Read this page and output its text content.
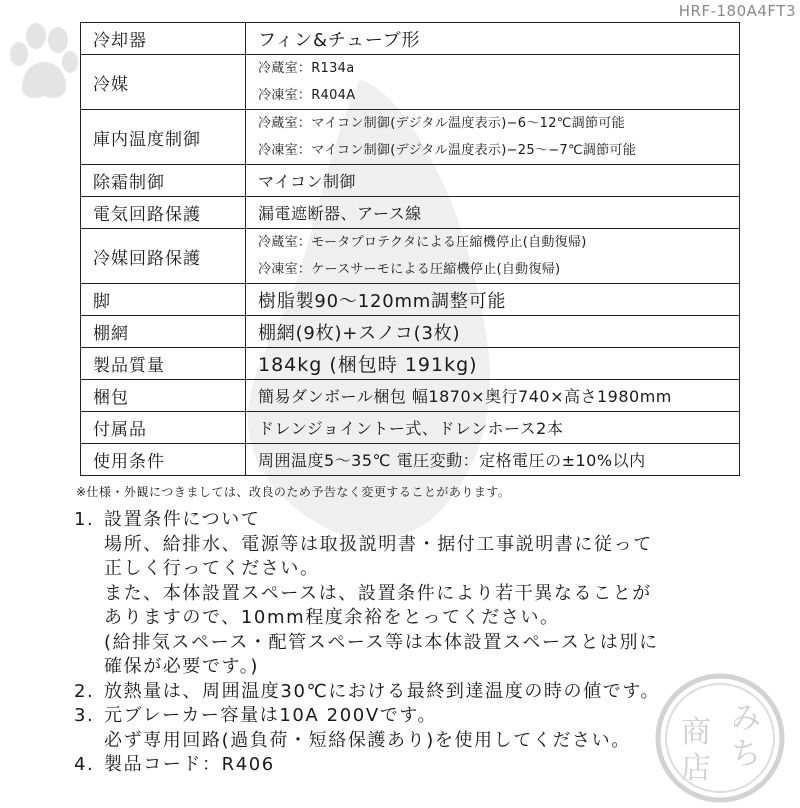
HRF-180A4FT3
冷却器	フィン&チューブ形
冷媒	冷蔵室：R134a
冷凍室：R404A

庫内温度制御	冷蔵室：マイコン制御(デジタル温度表示)−6〜12℃調節可能
冷凍室：マイコン制御(デジタル温度表示)−25〜−7℃調節可能

除霜制御	マイコン制御
電気回路保護	漏電遮断器、アース線
冷媒回路保護	冷蔵室：モータプロテクタによる圧縮機停止(自動復帰)
冷凍室：ケースサーモによる圧縮機停止(自動復帰)

脚	樹脂製90〜120mm調整可能
棚網	棚網(9枚)+スノコ(3枚)
製品質量	184kg (梱包時 191kg)
梱包	簡易ダンボール梱包 幅1870×奥行740×高さ1980mm
付属品	ドレンジョイントー式、ドレンホース2本
使用条件	周囲温度5〜35℃ 電圧変動：定格電圧の±10%以内
※仕様・外観につきましては、改良のため予告なく変更することがあります。
1. 設置条件について
場所、給排水、電源等は取扱説明書・据付工事説明書に従って
正しく行ってください。
また、本体設置スペースは、設置条件により若干異なることが
ありますので、10mm程度余裕をとってください。
(給排気スペース・配管スペース等は本体設置スペースとは別に
確保が必要です。)
2. 放熱量は、周囲温度30℃における最終到達温度の時の値です。
3. 元ブレーカー容量は10A 200Vです。
必ず専用回路(過負荷・短絡保護あり)を使用してください。
4. 製品コード：R406
商
店
み
ち
